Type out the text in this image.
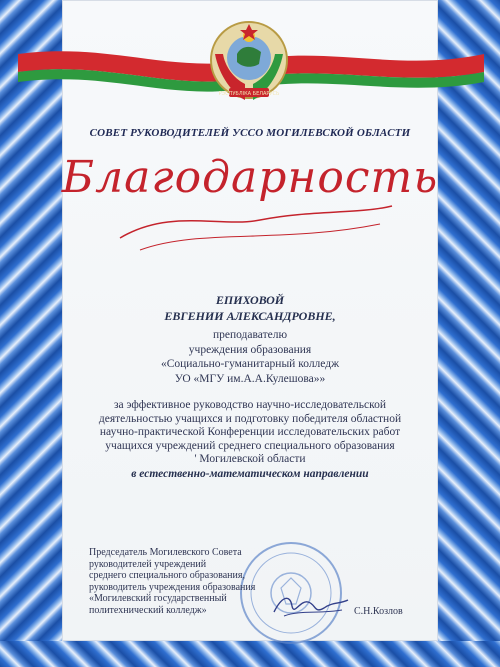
РЭСПУБЛІКА БЕЛАРУСЬ
СОВЕТ РУКОВОДИТЕЛЕЙ УССО МОГИЛЕВСКОЙ ОБЛАСТИ
Благодарность
ЕПИХОВОЙ
ЕВГЕНИИ АЛЕКСАНДРОВНЕ,
преподавателю
учреждения образования
«Социально-гуманитарный колледж
УО «МГУ им.А.А.Кулешова»»
за эффективное руководство научно-исследовательской
деятельностью учащихся и подготовку победителя областной
научно-практической Конференции исследовательских работ
учащихся учреждений среднего специального образования
' Могилевской области
в естественно-математическом направлении
Председатель Могилевского Совета
руководителей учреждений
среднего специального образования,
руководитель учреждения образования
«Могилевский государственный
политехнический колледж»	С.Н.Козлов
